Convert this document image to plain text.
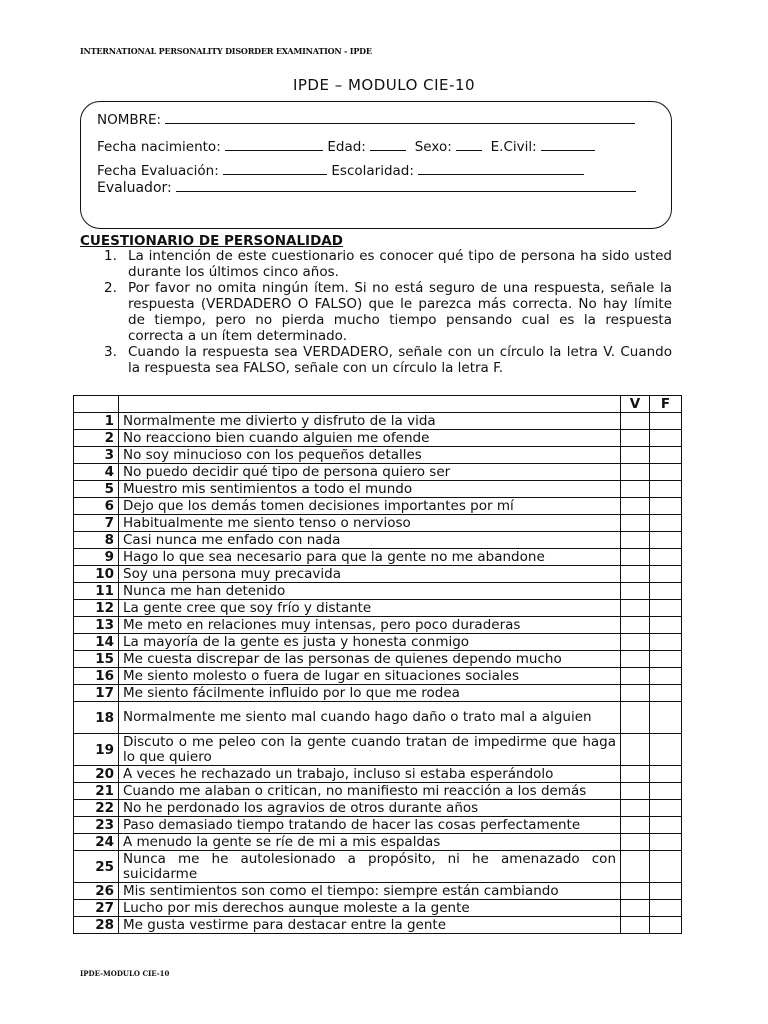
INTERNATIONAL PERSONALITY DISORDER EXAMINATION - IPDE
IPDE – MODULO CIE-10
NOMBRE:
Fecha nacimiento:	Edad:	Sexo:	E.Civil:
Fecha Evaluación:	Escolaridad:
Evaluador:
CUESTIONARIO DE PERSONALIDAD
1. La intención de este cuestionario es conocer qué tipo de persona ha sido usted durante los últimos cinco años.
2. Por favor no omita ningún ítem. Si no está seguro de una respuesta, señale la respuesta (VERDADERO O FALSO) que le parezca más correcta. No hay límite de tiempo, pero no pierda mucho tiempo pensando cual es la respuesta correcta a un ítem determinado.
3. Cuando la respuesta sea VERDADERO, señale con un círculo la letra V. Cuando la respuesta sea FALSO, señale con un círculo la letra F.
		V	F
1	Normalmente me divierto y disfruto de la vida		
2	No reacciono bien cuando alguien me ofende		
3	No soy minucioso con los pequeños detalles		
4	No puedo decidir qué tipo de persona quiero ser		
5	Muestro mis sentimientos a todo el mundo		
6	Dejo que los demás tomen decisiones importantes por mí		
7	Habitualmente me siento tenso o nervioso		
8	Casi nunca me enfado con nada		
9	Hago lo que sea necesario para que la gente no me abandone		
10	Soy una persona muy precavida		
11	Nunca me han detenido		
12	La gente cree que soy frío y distante		
13	Me meto en relaciones muy intensas, pero poco duraderas		
14	La mayoría de la gente es justa y honesta conmigo		
15	Me cuesta discrepar de las personas de quienes dependo mucho		
16	Me siento molesto o fuera de lugar en situaciones sociales		
17	Me siento fácilmente influido por lo que me rodea		
18	Normalmente me siento mal cuando hago daño o trato mal a alguien		
19	Discuto o me peleo con la gente cuando tratan de impedirme que haga lo que quiero		
20	A veces he rechazado un trabajo, incluso si estaba esperándolo		
21	Cuando me alaban o critican, no manifiesto mi reacción a los demás		
22	No he perdonado los agravios de otros durante años		
23	Paso demasiado tiempo tratando de hacer las cosas perfectamente		
24	A menudo la gente se ríe de mi a mis espaldas		
25	Nunca me he autolesionado a propósito, ni he amenazado con suicidarme		
26	Mis sentimientos son como el tiempo: siempre están cambiando		
27	Lucho por mis derechos aunque moleste a la gente		
28	Me gusta vestirme para destacar entre la gente		
IPDE-MODULO CIE-10
